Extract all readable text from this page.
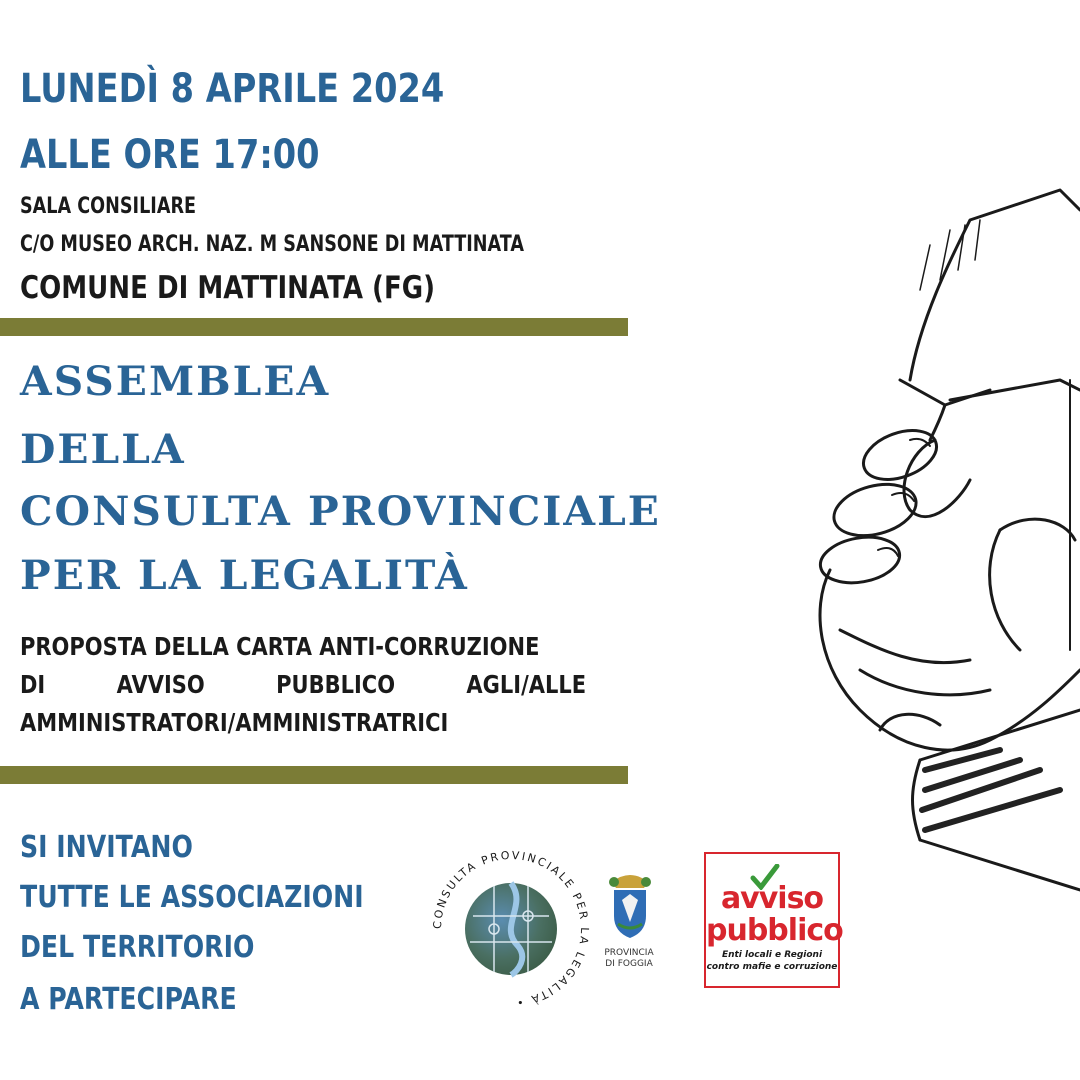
LUNEDÌ 8 APRILE 2024
ALLE ORE 17:00
SALA CONSILIARE
C/O MUSEO ARCH. NAZ. M SANSONE DI MATTINATA
COMUNE DI MATTINATA (FG)
ASSEMBLEA
DELLA
CONSULTA PROVINCIALE
PER LA LEGALITÀ
PROPOSTA DELLA CARTA ANTI-CORRUZIONE
DI	AVVISO	PUBBLICO	AGLI/ALLE
AMMINISTRATORI/AMMINISTRATRICI
SI INVITANO
TUTTE LE ASSOCIAZIONI
DEL TERRITORIO
A PARTECIPARE
CONSULTA PROVINCIALE PER LA LEGALITÀ •
PROVINCIA
DI FOGGIA
avviso
pubblico
Enti locali e Regioni
contro mafie e corruzione
